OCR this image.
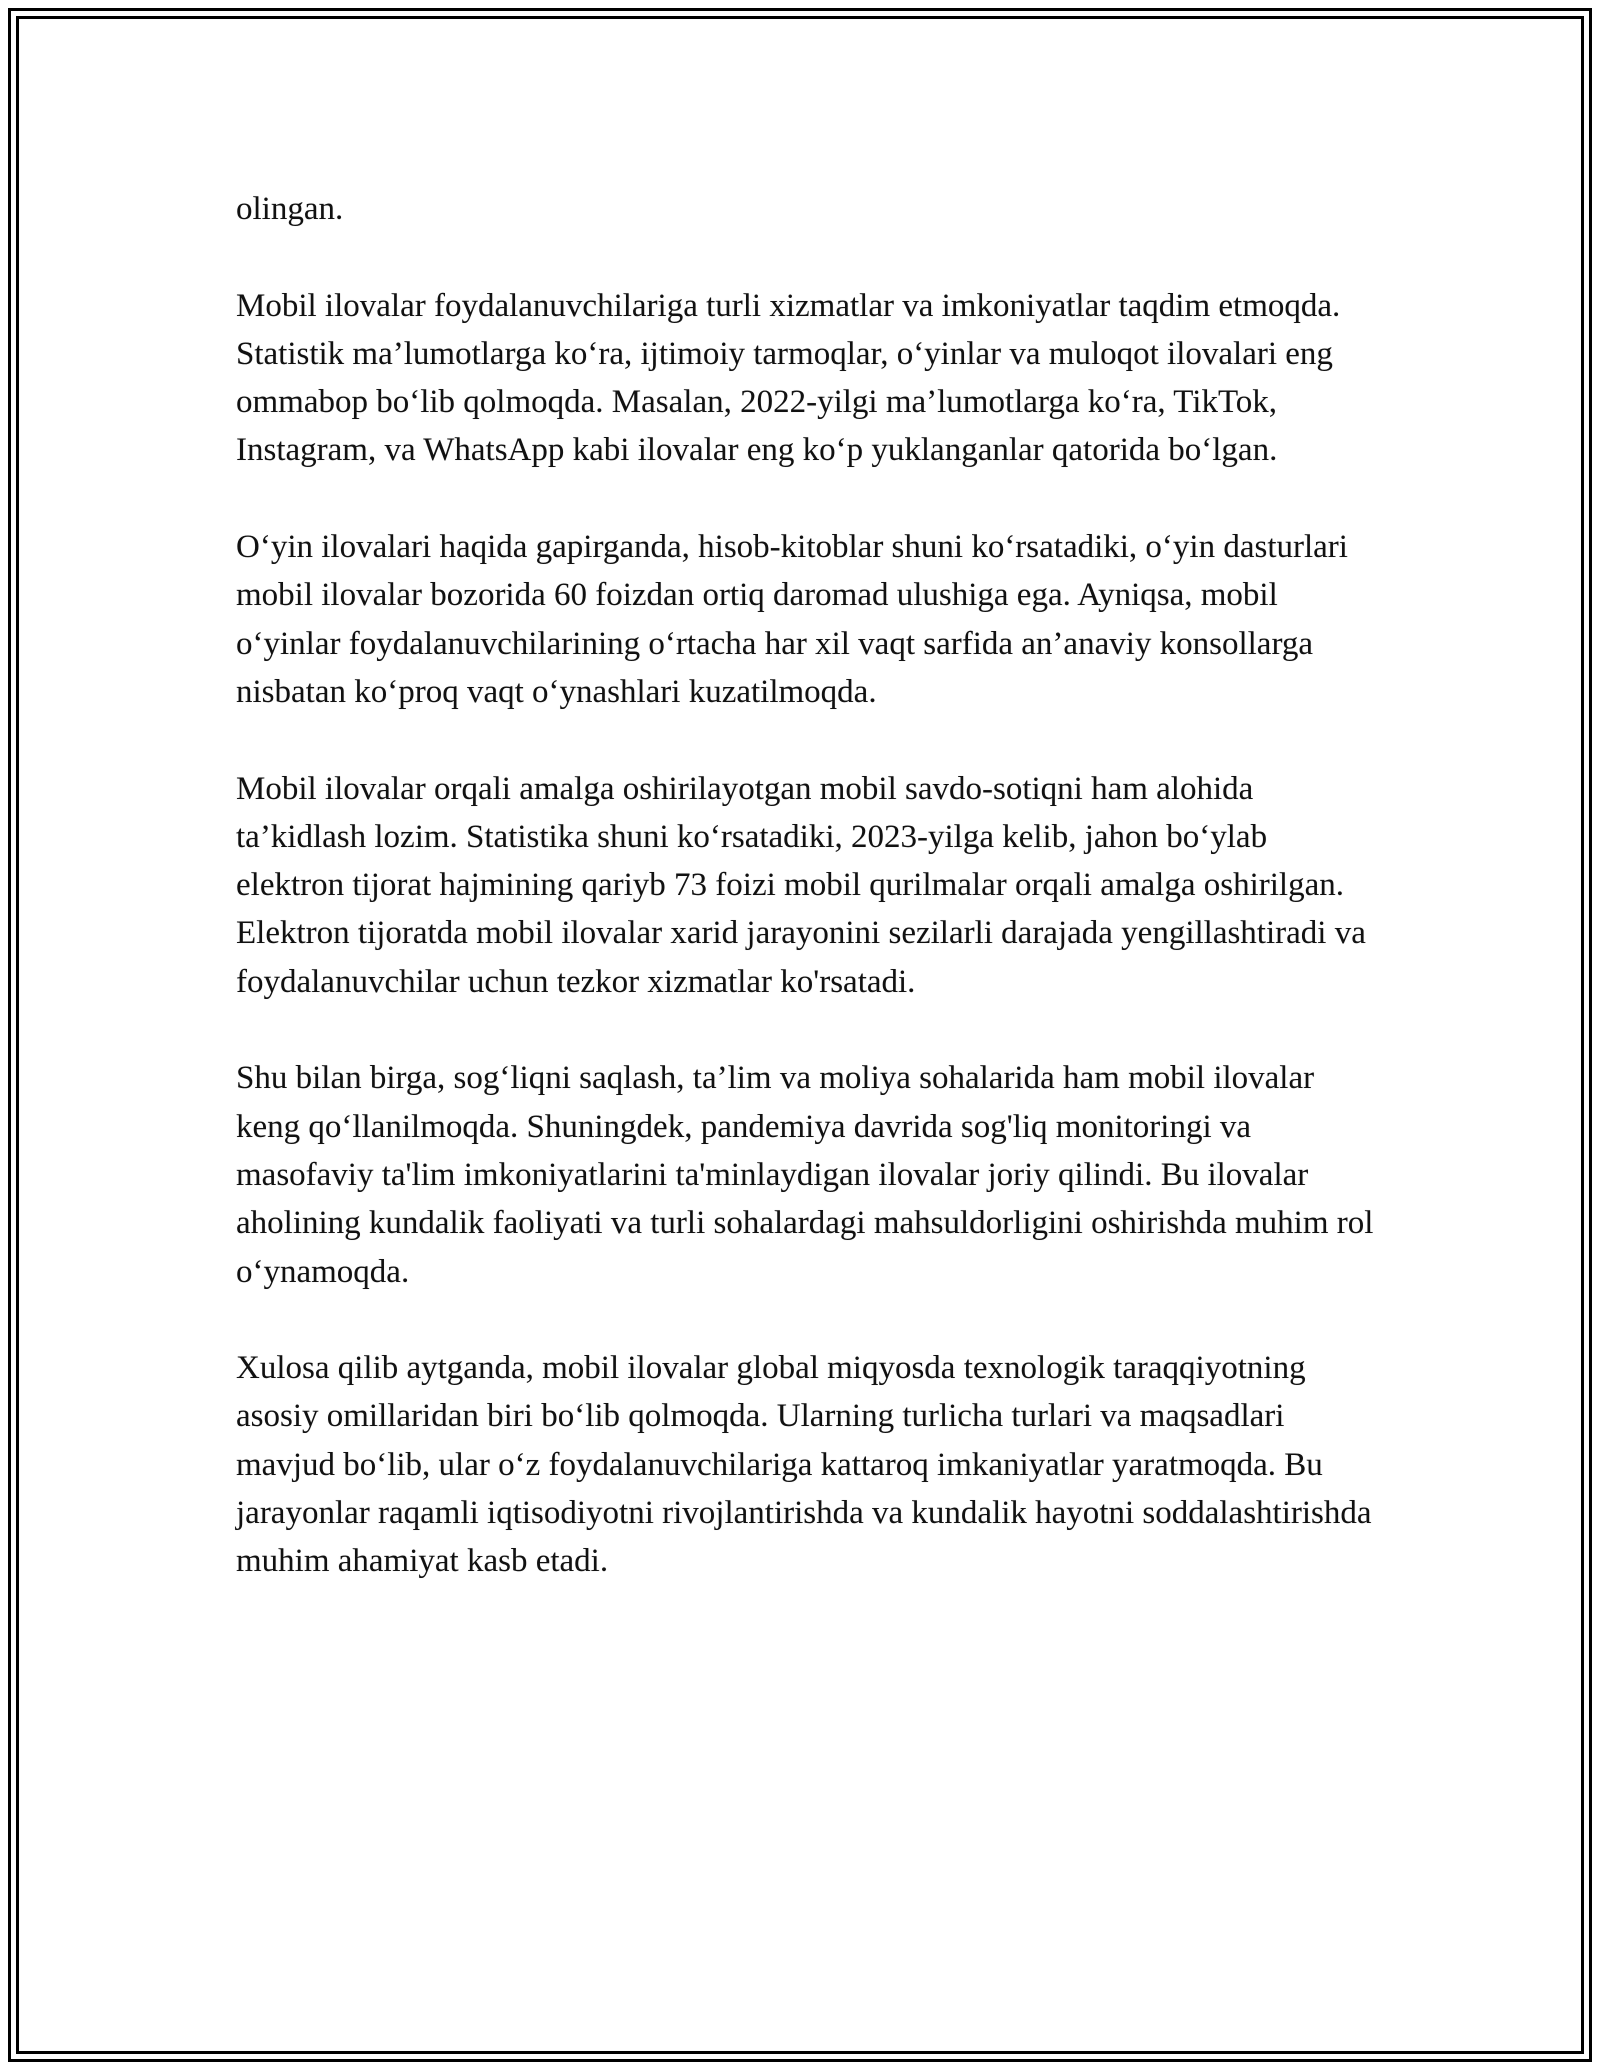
olingan.

Mobil ilovalar foydalanuvchilariga turli xizmatlar va imkoniyatlar taqdim etmoqda. Statistik ma’lumotlarga ko‘ra, ijtimoiy tarmoqlar, o‘yinlar va muloqot ilovalari eng ommabop bo‘lib qolmoqda. Masalan, 2022-yilgi ma’lumotlarga ko‘ra, TikTok, Instagram, va WhatsApp kabi ilovalar eng ko‘p yuklanganlar qatorida bo‘lgan.

O‘yin ilovalari haqida gapirganda, hisob-kitoblar shuni ko‘rsatadiki, o‘yin dasturlari mobil ilovalar bozorida 60 foizdan ortiq daromad ulushiga ega. Ayniqsa, mobil o‘yinlar foydalanuvchilarining o‘rtacha har xil vaqt sarfida an’anaviy konsollarga nisbatan ko‘proq vaqt o‘ynashlari kuzatilmoqda.

Mobil ilovalar orqali amalga oshirilayotgan mobil savdo-sotiqni ham alohida ta’kidlash lozim. Statistika shuni ko‘rsatadiki, 2023-yilga kelib, jahon bo‘ylab elektron tijorat hajmining qariyb 73 foizi mobil qurilmalar orqali amalga oshirilgan. Elektron tijoratda mobil ilovalar xarid jarayonini sezilarli darajada yengillashtiradi va foydalanuvchilar uchun tezkor xizmatlar ko'rsatadi.

Shu bilan birga, sog‘liqni saqlash, ta’lim va moliya sohalarida ham mobil ilovalar keng qo‘llanilmoqda. Shuningdek, pandemiya davrida sog'liq monitoringi va masofaviy ta'lim imkoniyatlarini ta'minlaydigan ilovalar joriy qilindi. Bu ilovalar aholining kundalik faoliyati va turli sohalardagi mahsuldorligini oshirishda muhim rol o‘ynamoqda.

Xulosa qilib aytganda, mobil ilovalar global miqyosda texnologik taraqqiyotning asosiy omillaridan biri bo‘lib qolmoqda. Ularning turlicha turlari va maqsadlari mavjud bo‘lib, ular o‘z foydalanuvchilariga kattaroq imkaniyatlar yaratmoqda. Bu jarayonlar raqamli iqtisodiyotni rivojlantirishda va kundalik hayotni soddalashtirishda muhim ahamiyat kasb etadi.
